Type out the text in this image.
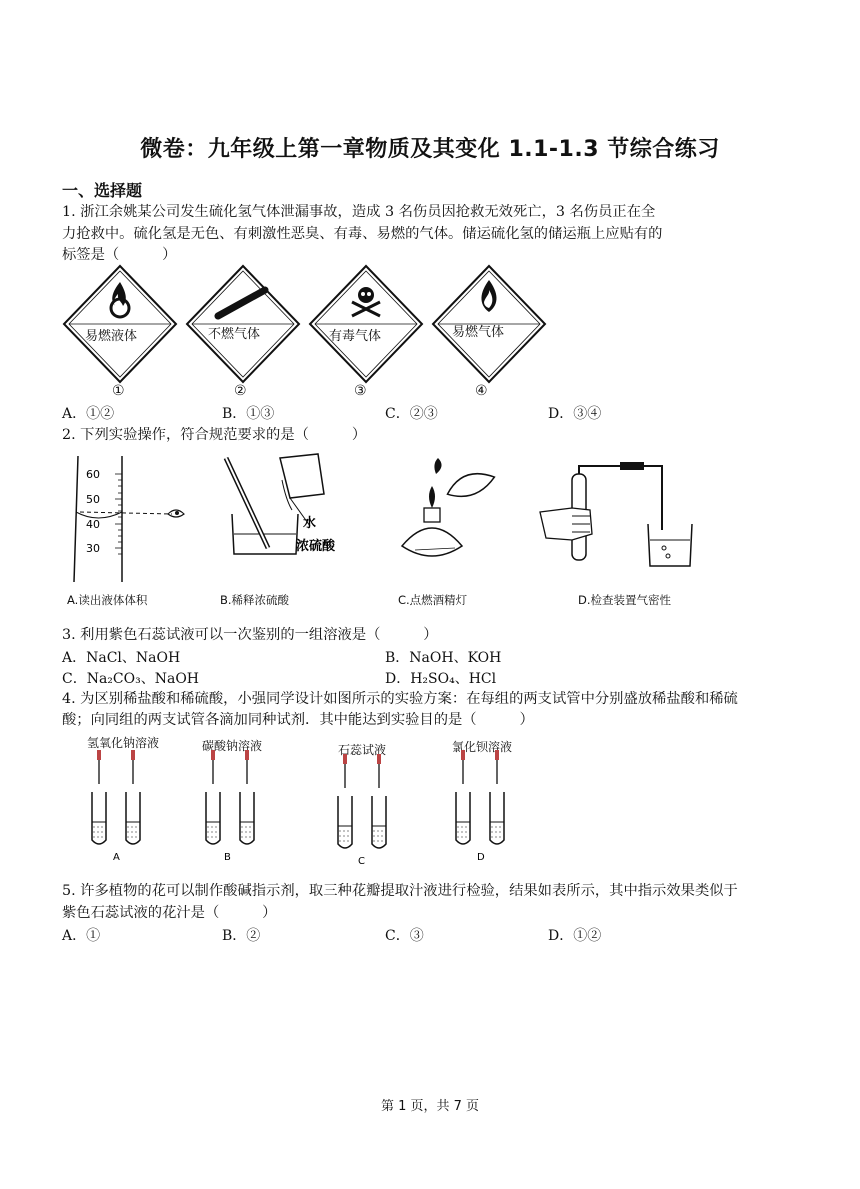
微卷：九年级上第一章物质及其变化 1.1-1.3 节综合练习
一、选择题
1. 浙江余姚某公司发生硫化氢气体泄漏事故，造成 3 名伤员因抢救无效死亡，3 名伤员正在全
力抢救中。硫化氢是无色、有刺激性恶臭、有毒、易燃的气体。储运硫化氢的储运瓶上应贴有的
标签是（　　　）
易燃液体	不燃气体	有毒气体	易燃气体
①	②	③	④
A．①②	B．①③	C．②③	D．③④
2. 下列实验操作，符合规范要求的是（　　　）
60
50
40
30
水
浓硫酸
A.读出液体体积	B.稀释浓硫酸	C.点燃酒精灯	D.检查装置气密性
3. 利用紫色石蕊试液可以一次鉴别的一组溶液是（　　　）
A．NaCl、NaOH	B．NaOH、KOH
C．Na₂CO₃、NaOH	D．H₂SO₄、HCl
4. 为区别稀盐酸和稀硫酸，小强同学设计如图所示的实验方案：在每组的两支试管中分别盛放稀盐酸和稀硫
酸；向同组的两支试管各滴加同种试剂．其中能达到实验目的是（　　　）
氢氧化钠溶液	碳酸钠溶液	石蕊试液	氯化钡溶液
A	B	C	D
5. 许多植物的花可以制作酸碱指示剂，取三种花瓣提取汁液进行检验，结果如表所示，其中指示效果类似于
紫色石蕊试液的花汁是（　　　）
A．①	B．②	C．③	D．①②
第 1 页，共 7 页
